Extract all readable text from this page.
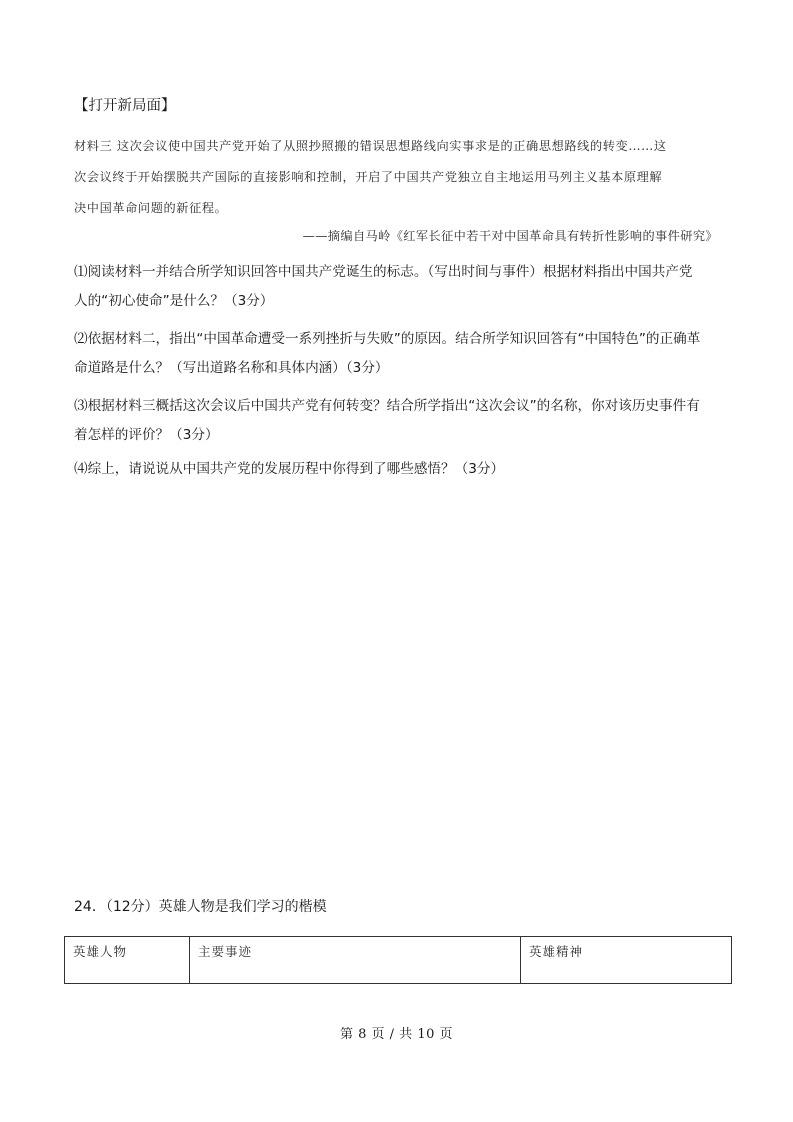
【打开新局面】
材料三 这次会议使中国共产党开始了从照抄照搬的错误思想路线向实事求是的正确思想路线的转变……这
次会议终于开始摆脱共产国际的直接影响和控制，开启了中国共产党独立自主地运用马列主义基本原理解
决中国革命问题的新征程。
——摘编自马岭《红军长征中若干对中国革命具有转折性影响的事件研究》
⑴阅读材料一并结合所学知识回答中国共产党诞生的标志。（写出时间与事件）根据材料指出中国共产党
人的“初心使命”是什么？（3分）
⑵依据材料二，指出“中国革命遭受一系列挫折与失败”的原因。结合所学知识回答有“中国特色”的正确革
命道路是什么？（写出道路名称和具体内涵）（3分）
⑶根据材料三概括这次会议后中国共产党有何转变？结合所学指出“这次会议”的名称，你对该历史事件有
着怎样的评价？（3分）
⑷综上，请说说从中国共产党的发展历程中你得到了哪些感悟？（3分）
24．（12分）英雄人物是我们学习的楷模
英雄人物	主要事迹	英雄精神
第 8 页 / 共 10 页
